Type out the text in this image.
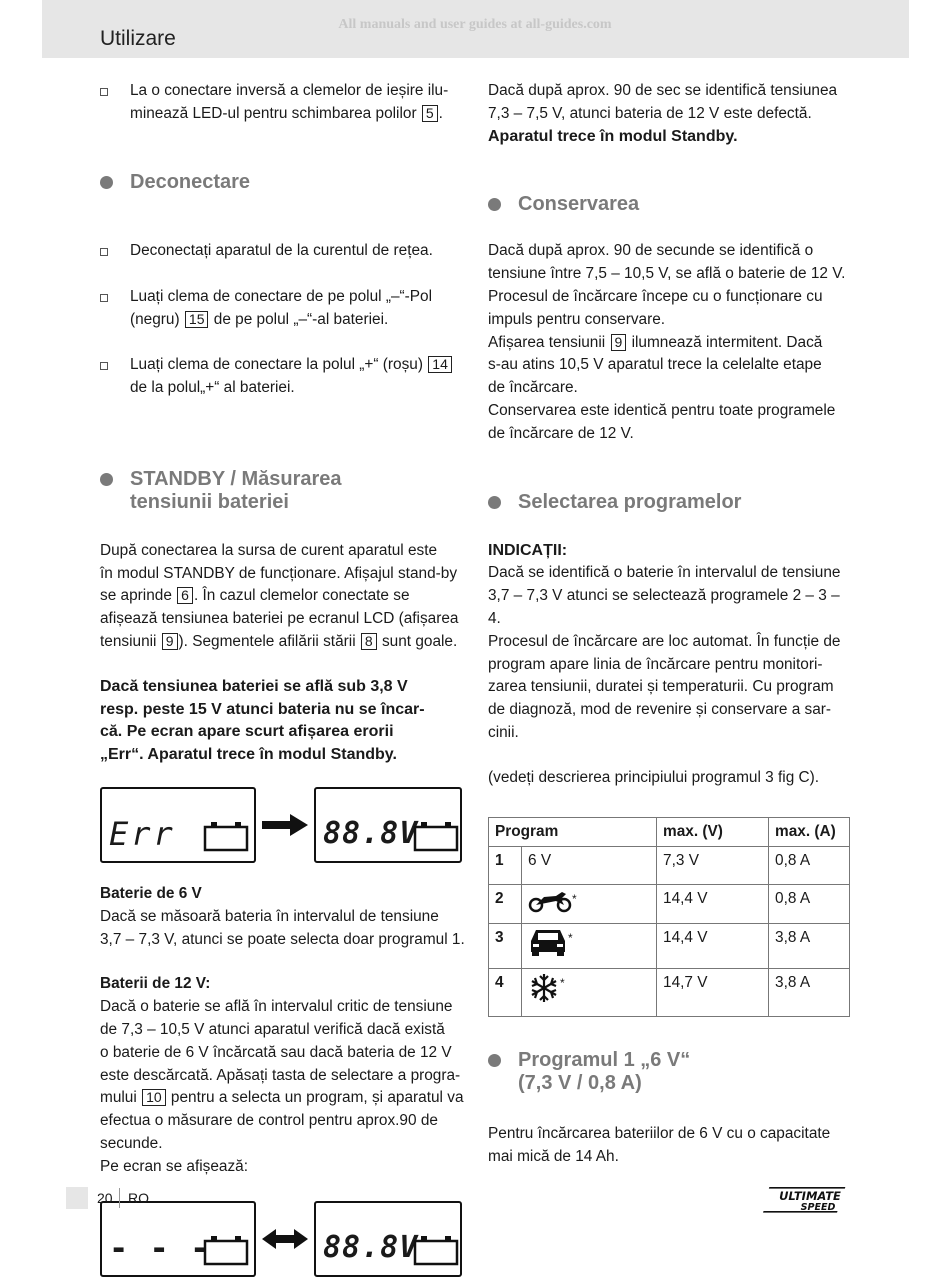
All manuals and user guides at all-guides.com
Utilizare
La o conectare inversă a clemelor de ieșire ilu-
minează LED-ul pentru schimbarea polilor 5 .
Deconectare

Deconectați aparatul de la curentul de rețea.

Luați clema de conectare de pe polul „–“-Pol
(negru) 15 de pe polul „–“-al bateriei.

Luați clema de conectare la polul „+“ (roșu) 14
de la polul„+“ al bateriei.

STANDBY / Măsurarea
tensiunii bateriei

După conectarea la sursa de curent aparatul este
în modul STANDBY de funcționare. Afișajul stand-by
se aprinde 6 . În cazul clemelor conectate se
afișează tensiunea bateriei pe ecranul LCD (afișarea
tensiunii 9 ). Segmentele afilării stării 8 sunt goale.

Dacă tensiunea bateriei se află sub 3,8 V
resp. peste 15 V atunci bateria nu se încar-
că. Pe ecran apare scurt afișarea erorii
„Err“. Aparatul trece în modul Standby.

Err	88.8V
Baterie de 6 V

Dacă se măsoară bateria în intervalul de tensiune
3,7 – 7,3 V, atunci se poate selecta doar programul 1.

Baterii de 12 V:

Dacă o baterie se află în intervalul critic de tensiune
de 7,3 – 10,5 V atunci aparatul verifică dacă există
o baterie de 6 V încărcată sau dacă bateria de 12 V
este descărcată. Apăsați tasta de selectare a progra-
mului 10 pentru a selecta un program, și aparatul va
efectua o măsurare de control pentru aprox.90 de
secunde.
Pe ecran se afișează:

- - -	88.8V

Dacă după aprox. 90 de sec se identifică tensiunea
7,3 – 7,5 V, atunci bateria de 12 V este defectă.

Aparatul trece în modul Standby.

Conservarea

Dacă după aprox. 90 de secunde se identifică o
tensiune între 7,5 – 10,5 V, se află o baterie de 12 V.
Procesul de încărcare începe cu o funcționare cu
impuls pentru conservare.
Afișarea tensiunii 9 ilumnează intermitent. Dacă
s-au atins 10,5 V aparatul trece la celelalte etape
de încărcare.
Conservarea este identică pentru toate programele
de încărcare de 12 V.

Selectarea programelor
INDICAȚII:

Dacă se identifică o baterie în intervalul de tensiune
3,7 – 7,3 V atunci se selectează programele 2 – 3 – 4.
Procesul de încărcare are loc automat. În funcție de
program apare linia de încărcare pentru monitori-
zarea tensiunii, duratei și temperaturii. Cu program
de diagnoză, mod de revenire și conservare a sar-
cinii.

(vedeți descrierea principiului programul 3 fig C).

Program		max. (V)	max. (A)
1	6 V	7,3 V	0,8 A
2	*	14,4 V	0,8 A
3	*	14,4 V	3,8 A
4	*	14,7 V	3,8 A
Programul 1 „6 V“
(7,3 V / 0,8 A)

Pentru încărcarea bateriilor de 6 V cu o capacitate
mai mică de 14 Ah.

20 RO	ULTIMATE
SPEED
